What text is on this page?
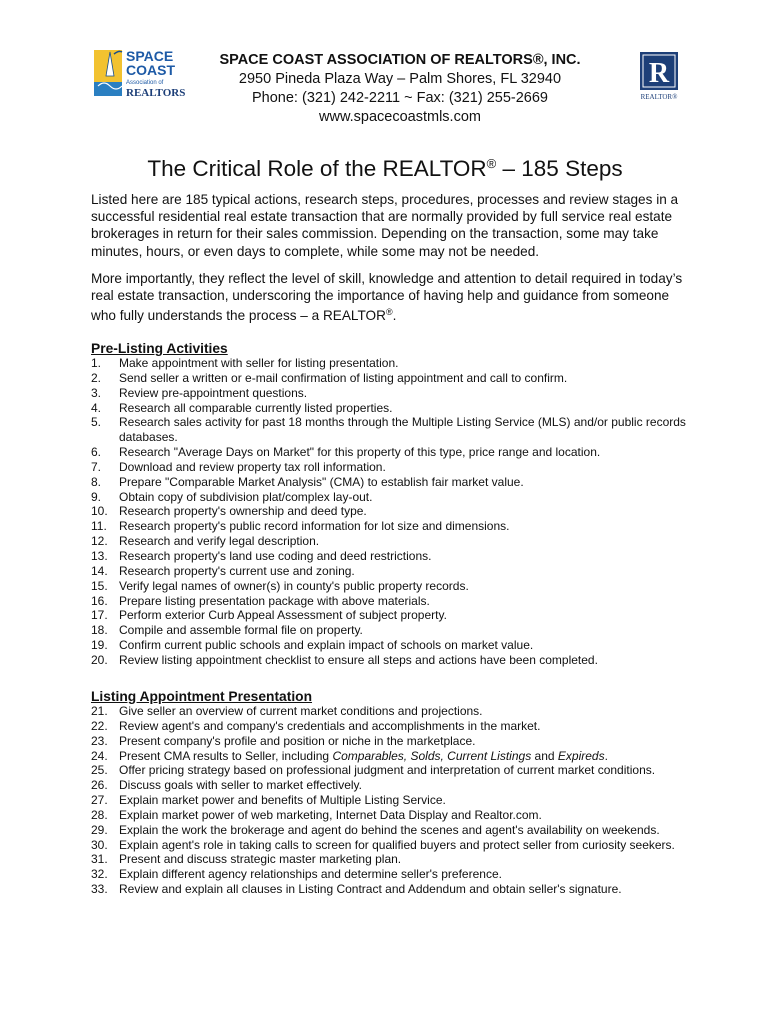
SPACE
COAST
Association of
REALTORS
SPACE COAST ASSOCIATION OF REALTORS®, INC.
2950 Pineda Plaza Way – Palm Shores, FL 32940
Phone: (321) 242-2211 ~ Fax: (321) 255-2669
www.spacecoastmls.com
R
REALTOR®
The Critical Role of the REALTOR® – 185 Steps

Listed here are 185 typical actions, research steps, procedures, processes and review stages in a successful residential real estate transaction that are normally provided by full service real estate brokerages in return for their sales commission. Depending on the transaction, some may take minutes, hours, or even days to complete, while some may not be needed.

More importantly, they reflect the level of skill, knowledge and attention to detail required in today’s real estate transaction, underscoring the importance of having help and guidance from someone who fully understands the process – a REALTOR®.

Pre-Listing Activities
1.	Make appointment with seller for listing presentation.
2.	Send seller a written or e-mail confirmation of listing appointment and call to confirm.
3.	Review pre-appointment questions.
4.	Research all comparable currently listed properties.
5.	Research sales activity for past 18 months through the Multiple Listing Service (MLS) and/or public records databases.
6.	Research "Average Days on Market" for this property of this type, price range and location.
7.	Download and review property tax roll information.
8.	Prepare "Comparable Market Analysis" (CMA) to establish fair market value.
9.	Obtain copy of subdivision plat/complex lay-out.
10. Research property's ownership and deed type.
11.	Research property's public record information for lot size and dimensions.
12. Research and verify legal description.
13. Research property's land use coding and deed restrictions.
14. Research property's current use and zoning.
15. Verify legal names of owner(s) in county's public property records.
16. Prepare listing presentation package with above materials.
17. Perform exterior Curb Appeal Assessment of subject property.
18. Compile and assemble formal file on property.
19. Confirm current public schools and explain impact of schools on market value.
20. Review listing appointment checklist to ensure all steps and actions have been completed.
Listing Appointment Presentation
21. Give seller an overview of current market conditions and projections.
22. Review agent's and company's credentials and accomplishments in the market.
23. Present company's profile and position or niche in the marketplace.
24. Present CMA results to Seller, including Comparables, Solds, Current Listings and Expireds.
25. Offer pricing strategy based on professional judgment and interpretation of current market conditions.
26. Discuss goals with seller to market effectively.
27. Explain market power and benefits of Multiple Listing Service.
28. Explain market power of web marketing, Internet Data Display and Realtor.com.
29. Explain the work the brokerage and agent do behind the scenes and agent's availability on weekends.
30. Explain agent's role in taking calls to screen for qualified buyers and protect seller from curiosity seekers.
31. Present and discuss strategic master marketing plan.
32. Explain different agency relationships and determine seller's preference.
33. Review and explain all clauses in Listing Contract and Addendum and obtain seller's signature.
